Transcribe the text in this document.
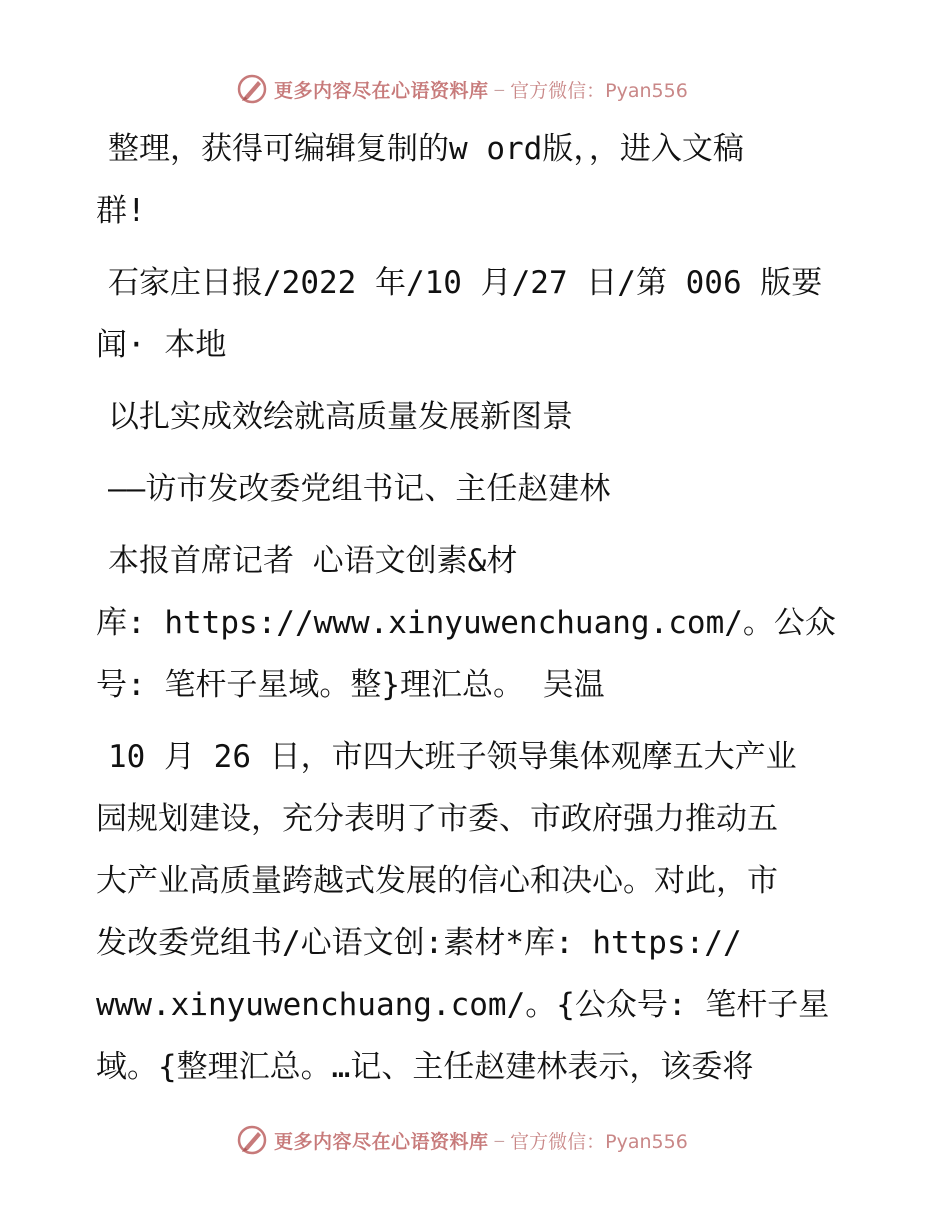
更多内容尽在心语资料库 — 官方微信：Pyan556

整理，获得可编辑复制的w ord版，，进入文稿
群!

石家庄日报/2022 年/10 月/27 日/第 006 版要
闻· 本地

以扎实成效绘就高质量发展新图景

——访市发改委党组书记、主任赵建林

本报首席记者 心语文创素&材
库: https://www.xinyuwenchuang.com/。公众
号: 笔杆子星域。整}理汇总。 吴温

10 月 26 日，市四大班子领导集体观摩五大产业
园规划建设，充分表明了市委、市政府强力推动五
大产业高质量跨越式发展的信心和决心。对此，市
发改委党组书/心语文创:素材*库: https://
www.xinyuwenchuang.com/。{公众号: 笔杆子星
域。{整理汇总。…记、主任赵建林表示，该委将

更多内容尽在心语资料库 — 官方微信：Pyan556
